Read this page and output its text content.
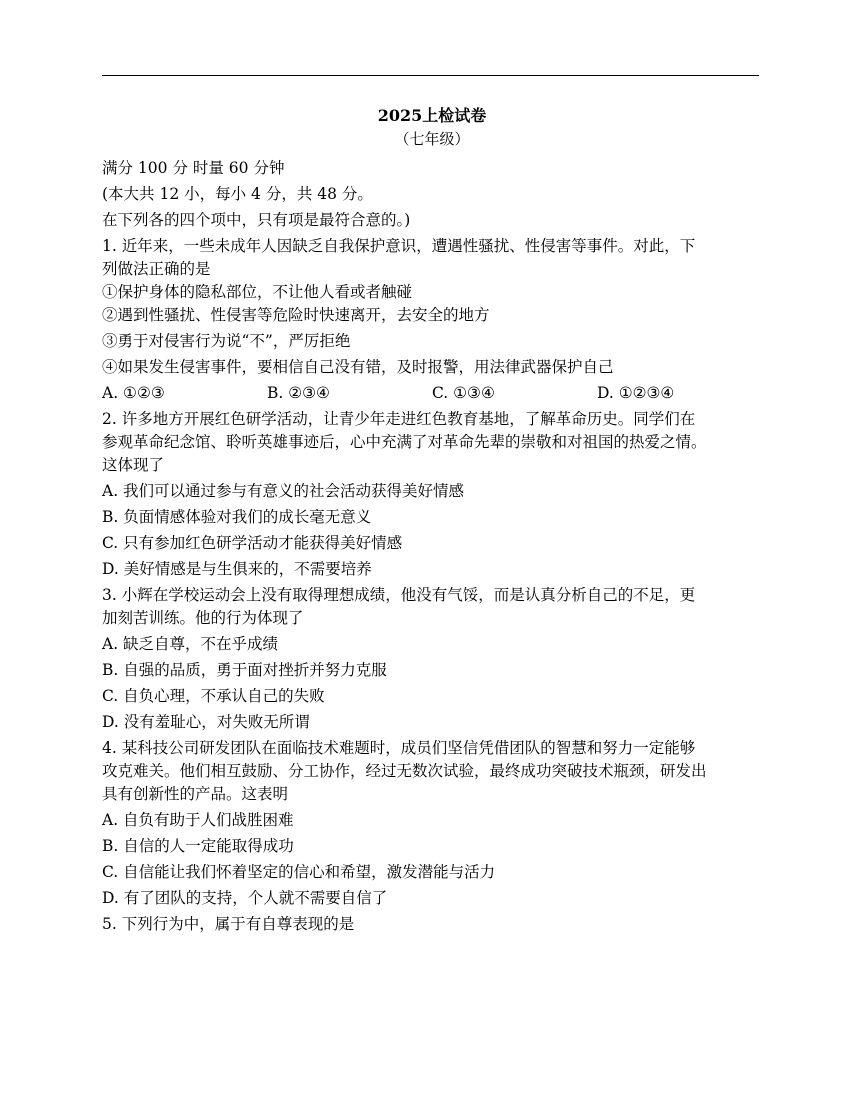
2025上检试卷

（七年级）

满分 100 分 时量 60 分钟

(本大共 12 小，每小 4 分，共 48 分。

在下列各的四个项中，只有项是最符合意的。)

1. 近年来，一些未成年人因缺乏自我保护意识，遭遇性骚扰、性侵害等事件。对此，下

列做法正确的是

①保护身体的隐私部位，不让他人看或者触碰

②遇到性骚扰、性侵害等危险时快速离开，去安全的地方

③勇于对侵害行为说“不”，严厉拒绝

④如果发生侵害事件，要相信自己没有错，及时报警，用法律武器保护自己

A. ①②③	B. ②③④	C. ①③④	D. ①②③④

2. 许多地方开展红色研学活动，让青少年走进红色教育基地，了解革命历史。同学们在

参观革命纪念馆、聆听英雄事迹后，心中充满了对革命先辈的崇敬和对祖国的热爱之情。

这体现了

A. 我们可以通过参与有意义的社会活动获得美好情感

B. 负面情感体验对我们的成长毫无意义

C. 只有参加红色研学活动才能获得美好情感

D. 美好情感是与生俱来的，不需要培养

3. 小辉在学校运动会上没有取得理想成绩，他没有气馁，而是认真分析自己的不足，更

加刻苦训练。他的行为体现了

A. 缺乏自尊，不在乎成绩

B. 自强的品质，勇于面对挫折并努力克服

C. 自负心理，不承认自己的失败

D. 没有羞耻心，对失败无所谓

4. 某科技公司研发团队在面临技术难题时，成员们坚信凭借团队的智慧和努力一定能够

攻克难关。他们相互鼓励、分工协作，经过无数次试验，最终成功突破技术瓶颈，研发出

具有创新性的产品。这表明

A. 自负有助于人们战胜困难

B. 自信的人一定能取得成功

C. 自信能让我们怀着坚定的信心和希望，激发潜能与活力

D. 有了团队的支持，个人就不需要自信了

5. 下列行为中，属于有自尊表现的是
